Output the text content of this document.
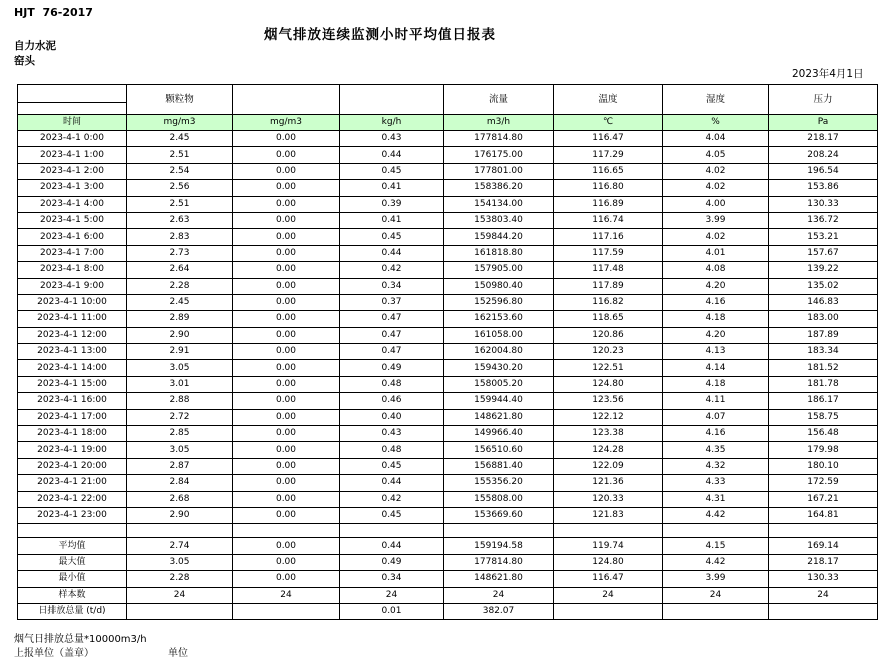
HJT  76-2017
烟气排放连续监测小时平均值日报表
自力水泥
窑头
2023年4月1日
	颗粒物			流量	温度	湿度	压力

时间	mg/m3	mg/m3	kg/h	m3/h	℃	%	Pa
2023-4-1 0:00	2.45	0.00	0.43	177814.80	116.47	4.04	218.17
2023-4-1 1:00	2.51	0.00	0.44	176175.00	117.29	4.05	208.24
2023-4-1 2:00	2.54	0.00	0.45	177801.00	116.65	4.02	196.54
2023-4-1 3:00	2.56	0.00	0.41	158386.20	116.80	4.02	153.86
2023-4-1 4:00	2.51	0.00	0.39	154134.00	116.89	4.00	130.33
2023-4-1 5:00	2.63	0.00	0.41	153803.40	116.74	3.99	136.72
2023-4-1 6:00	2.83	0.00	0.45	159844.20	117.16	4.02	153.21
2023-4-1 7:00	2.73	0.00	0.44	161818.80	117.59	4.01	157.67
2023-4-1 8:00	2.64	0.00	0.42	157905.00	117.48	4.08	139.22
2023-4-1 9:00	2.28	0.00	0.34	150980.40	117.89	4.20	135.02
2023-4-1 10:00	2.45	0.00	0.37	152596.80	116.82	4.16	146.83
2023-4-1 11:00	2.89	0.00	0.47	162153.60	118.65	4.18	183.00
2023-4-1 12:00	2.90	0.00	0.47	161058.00	120.86	4.20	187.89
2023-4-1 13:00	2.91	0.00	0.47	162004.80	120.23	4.13	183.34
2023-4-1 14:00	3.05	0.00	0.49	159430.20	122.51	4.14	181.52
2023-4-1 15:00	3.01	0.00	0.48	158005.20	124.80	4.18	181.78
2023-4-1 16:00	2.88	0.00	0.46	159944.40	123.56	4.11	186.17
2023-4-1 17:00	2.72	0.00	0.40	148621.80	122.12	4.07	158.75
2023-4-1 18:00	2.85	0.00	0.43	149966.40	123.38	4.16	156.48
2023-4-1 19:00	3.05	0.00	0.48	156510.60	124.28	4.35	179.98
2023-4-1 20:00	2.87	0.00	0.45	156881.40	122.09	4.32	180.10
2023-4-1 21:00	2.84	0.00	0.44	155356.20	121.36	4.33	172.59
2023-4-1 22:00	2.68	0.00	0.42	155808.00	120.33	4.31	167.21
2023-4-1 23:00	2.90	0.00	0.45	153669.60	121.83	4.42	164.81

平均值	2.74	0.00	0.44	159194.58	119.74	4.15	169.14
最大值	3.05	0.00	0.49	177814.80	124.80	4.42	218.17
最小值	2.28	0.00	0.34	148621.80	116.47	3.99	130.33
样本数	24	24	24	24	24	24	24
日排放总量 (t/d)			0.01	382.07			
烟气日排放总量*10000m3/h
上报单位（盖章）	单位
